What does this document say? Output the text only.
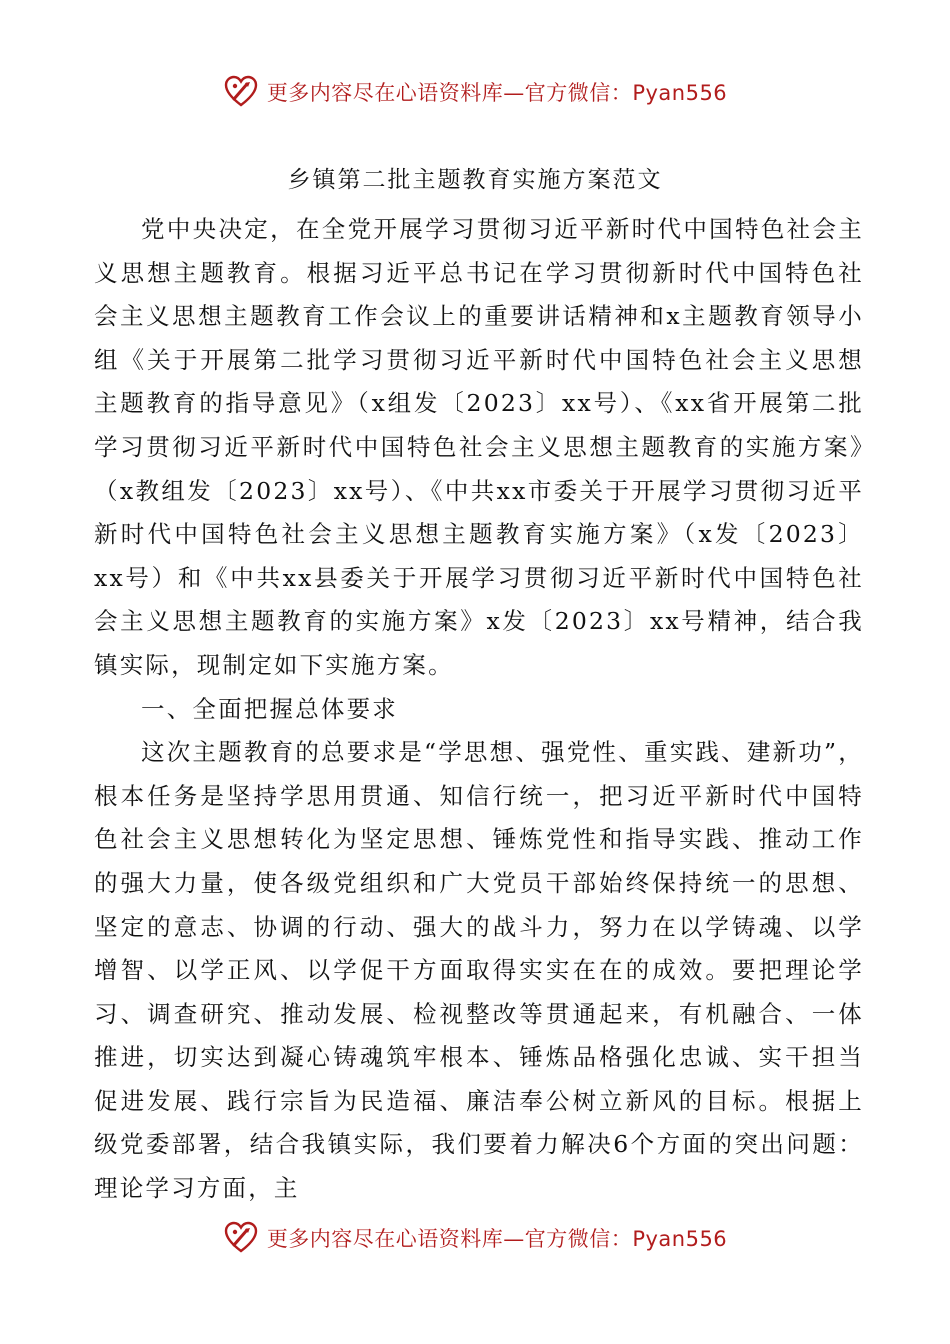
更多内容尽在心语资料库—官方微信：Pyan556
乡镇第二批主题教育实施方案范文

党中央决定，在全党开展学习贯彻习近平新时代中国特色社会主义思想主题教育。根据习近平总书记在学习贯彻新时代中国特色社会主义思想主题教育工作会议上的重要讲话精神和x主题教育领导小组《关于开展第二批学习贯彻习近平新时代中国特色社会主义思想主题教育的指导意见》（x组发〔2023〕xx号）、《xx省开展第二批学习贯彻习近平新时代中国特色社会主义思想主题教育的实施方案》（x教组发〔2023〕xx号）、《中共xx市委关于开展学习贯彻习近平新时代中国特色社会主义思想主题教育实施方案》（x发〔2023〕xx号）和《中共xx县委关于开展学习贯彻习近平新时代中国特色社会主义思想主题教育的实施方案》x发〔2023〕xx号精神，结合我镇实际，现制定如下实施方案。

一、全面把握总体要求

这次主题教育的总要求是“学思想、强党性、重实践、建新功”，根本任务是坚持学思用贯通、知信行统一，把习近平新时代中国特色社会主义思想转化为坚定思想、锤炼党性和指导实践、推动工作的强大力量，使各级党组织和广大党员干部始终保持统一的思想、坚定的意志、协调的行动、强大的战斗力，努力在以学铸魂、以学增智、以学正风、以学促干方面取得实实在在的成效。要把理论学习、调查研究、推动发展、检视整改等贯通起来，有机融合、一体推进，切实达到凝心铸魂筑牢根本、锤炼品格强化忠诚、实干担当促进发展、践行宗旨为民造福、廉洁奉公树立新风的目标。根据上级党委部署，结合我镇实际，我们要着力解决6个方面的突出问题：理论学习方面，主

更多内容尽在心语资料库—官方微信：Pyan556
